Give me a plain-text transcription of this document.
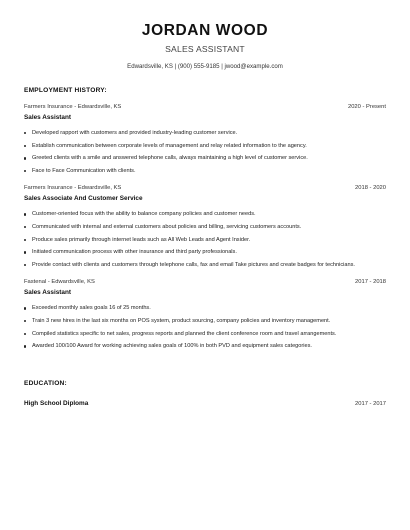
JORDAN WOOD
SALES ASSISTANT
Edwardsville, KS | (900) 555-9185 | jwood@example.com
EMPLOYMENT HISTORY:
Farmers Insurance - Edwardsville, KS	2020 - Present
Sales Assistant
Developed rapport with customers and provided industry-leading customer service.
Establish communication between corporate levels of management and relay related information to the agency.
Greeted clients with a smile and answered telephone calls, always maintaining a high level of customer service.
Face to Face Communication with clients.
Farmers Insurance - Edwardsville, KS	2018 - 2020
Sales Associate And Customer Service
Customer-oriented focus with the ability to balance company policies and customer needs.
Communicated with internal and external customers about policies and billing, servicing customers accounts.
Produce sales primarily through internet leads such as All Web Leads and Agent Insider.
Initiated communication process with other insurance and third party professionals.
Provide contact with clients and customers through telephone calls, fax and email Take pictures and create badges for technicians.
Fastenal - Edwardsville, KS	2017 - 2018
Sales Assistant
Exceeded monthly sales goals 16 of 25 months.
Train 3 new hires in the last six months on POS system, product sourcing, company policies and inventory management.
Compiled statistics specific to net sales, progress reports and planned the client conference room and travel arrangements.
Awarded 100/100 Award for working achieving sales goals of 100% in both PVD and equipment sales categories.
EDUCATION:
High School Diploma	2017 - 2017
